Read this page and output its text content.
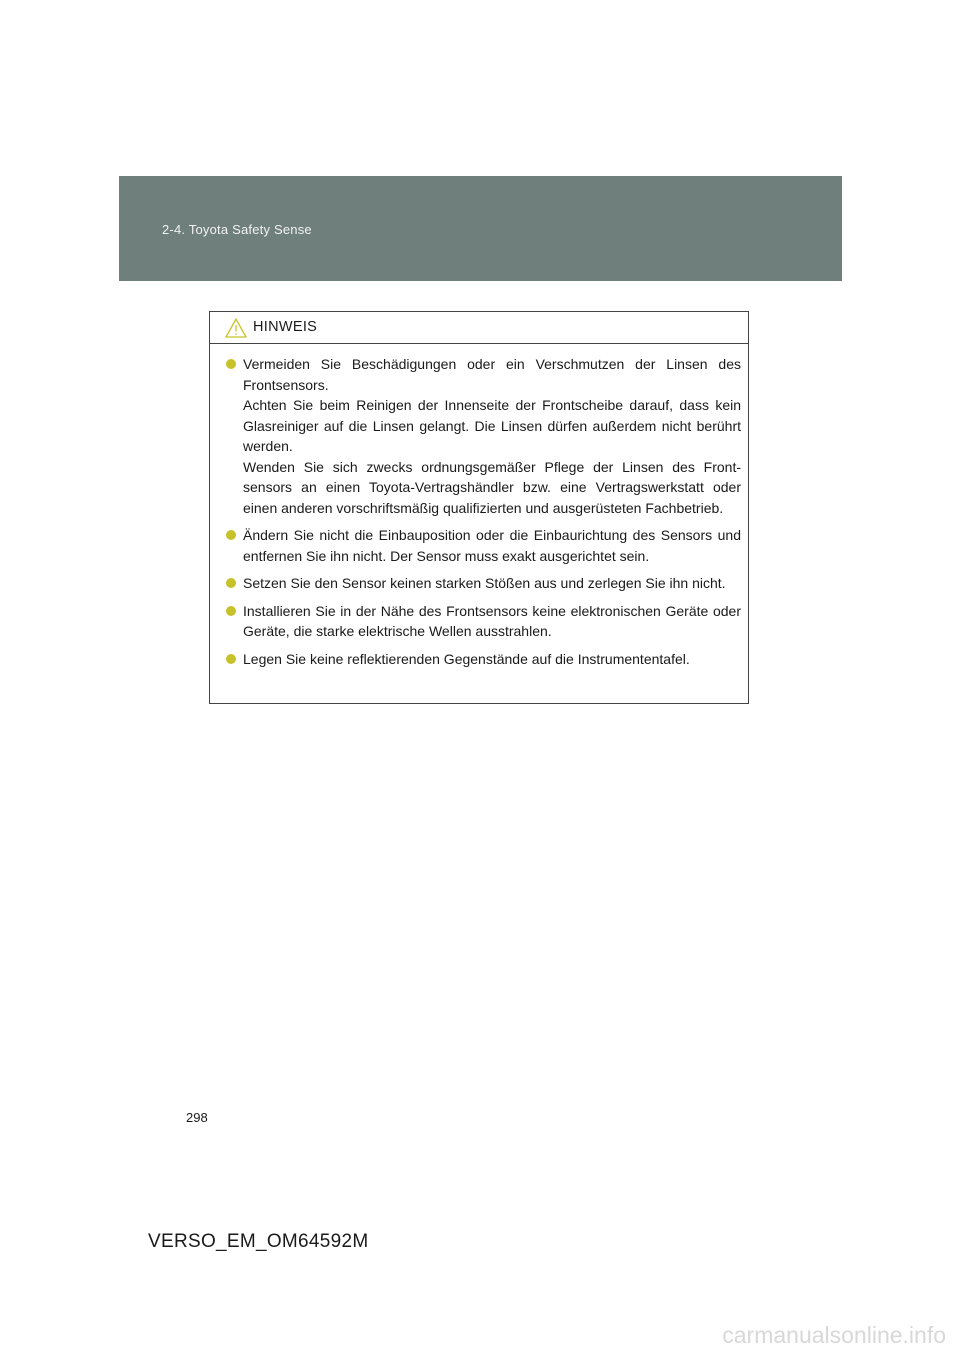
2-4. Toyota Safety Sense
HINWEIS
Vermeiden Sie Beschädigungen oder ein Verschmutzen der Linsen des Frontsensors.
Achten Sie beim Reinigen der Innenseite der Frontscheibe darauf, dass kein Glasreiniger auf die Linsen gelangt. Die Linsen dürfen außerdem nicht berührt werden.
Wenden Sie sich zwecks ordnungsgemäßer Pflege der Linsen des Front-sensors an einen Toyota-Vertragshändler bzw. eine Vertragswerkstatt oder einen anderen vorschriftsmäßig qualifizierten und ausgerüsteten Fachbetrieb.
Ändern Sie nicht die Einbauposition oder die Einbaurichtung des Sensors und entfernen Sie ihn nicht. Der Sensor muss exakt ausgerichtet sein.
Setzen Sie den Sensor keinen starken Stößen aus und zerlegen Sie ihn nicht.
Installieren Sie in der Nähe des Frontsensors keine elektronischen Geräte oder Geräte, die starke elektrische Wellen ausstrahlen.
Legen Sie keine reflektierenden Gegenstände auf die Instrumententafel.
298
VERSO_EM_OM64592M
carmanualsonline.info
